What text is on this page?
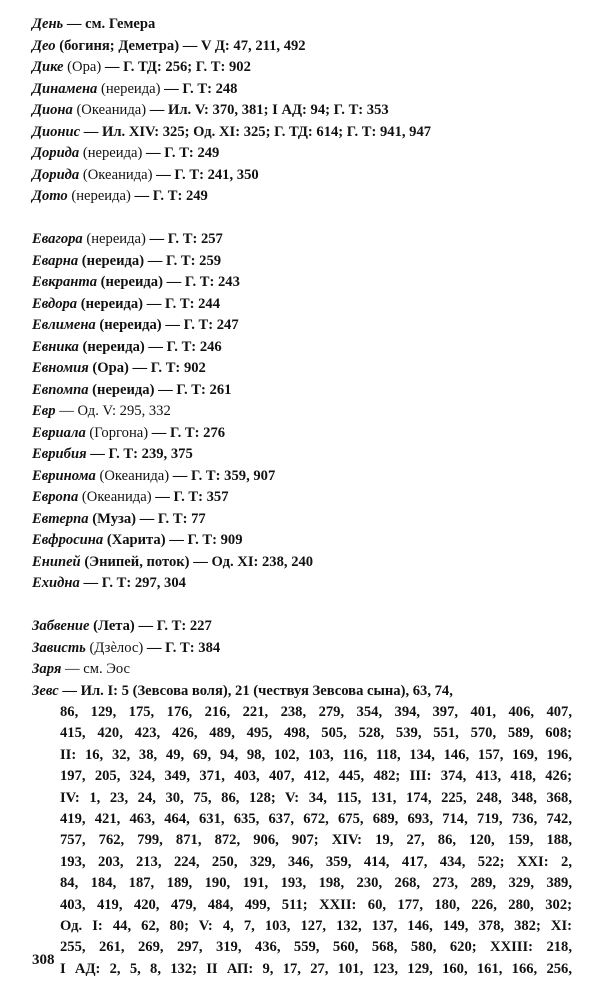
День — см. Гемера
Део (богиня; Деметра) — V Д: 47, 211, 492
Дике (Ора) — Г. ТД: 256; Г. Т: 902
Динамена (нереида) — Г. Т: 248
Диона (Океанида) — Ил. V: 370, 381; I АД: 94; Г. Т: 353
Дионис — Ил. XIV: 325; Од. XI: 325; Г. ТД: 614; Г. Т: 941, 947
Дорида (нереида) — Г. Т: 249
Дорида (Океанида) — Г. Т: 241, 350
Дото (нереида) — Г. Т: 249
Евагора (нереида) — Г. Т: 257
Еварна (нереида) — Г. Т: 259
Евкранта (нереида) — Г. Т: 243
Евдора (нереида) — Г. Т: 244
Евлимена (нереида) — Г. Т: 247
Евника (нереида) — Г. Т: 246
Евномия (Ора) — Г. Т: 902
Евпомпа (нереида) — Г. Т: 261
Евр — Од. V: 295, 332
Евриала (Горгона) — Г. Т: 276
Еврибия — Г. Т: 239, 375
Евринома (Океанида) — Г. Т: 359, 907
Европа (Океанида) — Г. Т: 357
Евтерпа (Муза) — Г. Т: 77
Евфросина (Харита) — Г. Т: 909
Енипей (Энипей, поток) — Од. XI: 238, 240
Ехидна — Г. Т: 297, 304
Забвение (Лета) — Г. Т: 227
Зависть (Дзѐлос) — Г. Т: 384
Заря — см. Эос
Зевс — Ил. I: 5 (Зевсова воля), 21 (чествуя Зевсова сына), 63, 74,
86, 129, 175, 176, 216, 221, 238, 279, 354, 394, 397, 401, 406, 407,
415, 420, 423, 426, 489, 495, 498, 505, 528, 539, 551, 570, 589, 608;
II: 16, 32, 38, 49, 69, 94, 98, 102, 103, 116, 118, 134, 146, 157, 169, 196,
197, 205, 324, 349, 371, 403, 407, 412, 445, 482; III: 374, 413, 418, 426;
IV: 1, 23, 24, 30, 75, 86, 128; V: 34, 115, 131, 174, 225, 248, 348, 368,
419, 421, 463, 464, 631, 635, 637, 672, 675, 689, 693, 714, 719, 736, 742,
757, 762, 799, 871, 872, 906, 907; XIV: 19, 27, 86, 120, 159, 188,
193, 203, 213, 224, 250, 329, 346, 359, 414, 417, 434, 522; XXI: 2,
84, 184, 187, 189, 190, 191, 193, 198, 230, 268, 273, 289, 329, 389,
403, 419, 420, 479, 484, 499, 511; XXII: 60, 177, 180, 226, 280, 302;
Од. I: 44, 62, 80; V: 4, 7, 103, 127, 132, 137, 146, 149, 378, 382; XI:
255, 261, 269, 297, 319, 436, 559, 560, 568, 580, 620; XXIII: 218,
I АД: 2, 5, 8, 132; II АП: 9, 17, 27, 101, 123, 129, 160, 161, 166, 256,
308
